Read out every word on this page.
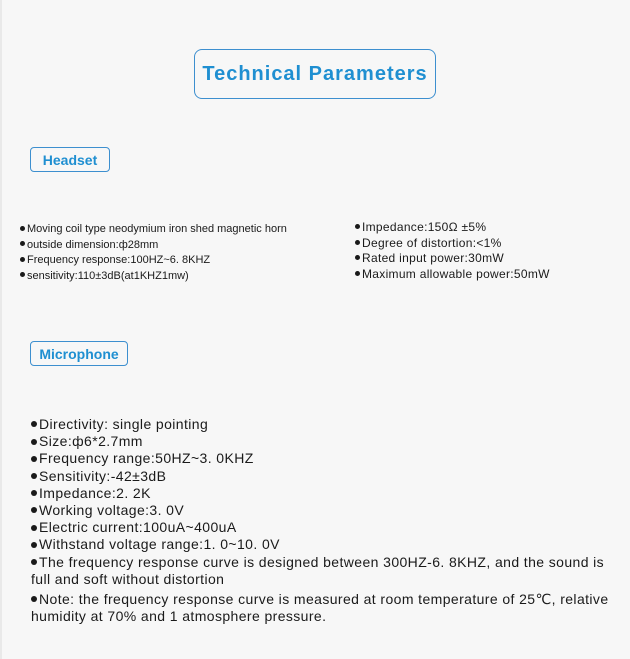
Technical Parameters
Headset
Moving coil type neodymium iron shed magnetic horn
outside dimension:ф28mm
Frequency response:100HZ~6. 8KHZ
sensitivity:110±3dB(at1KHZ1mw)
Impedance:150Ω ±5%
Degree of distortion:<1%
Rated input power:30mW
Maximum allowable power:50mW
Microphone
Directivity: single pointing
Size:ф6*2.7mm
Frequency range:50HZ~3. 0KHZ
Sensitivity:-42±3dB
Impedance:2. 2K
Working voltage:3. 0V
Electric current:100uA~400uA
Withstand voltage range:1. 0~10. 0V
The frequency response curve is designed between 300HZ-6. 8KHZ, and the sound is full and soft without distortion
Note: the frequency response curve is measured at room temperature of 25℃, relative humidity at 70% and 1 atmosphere pressure.
